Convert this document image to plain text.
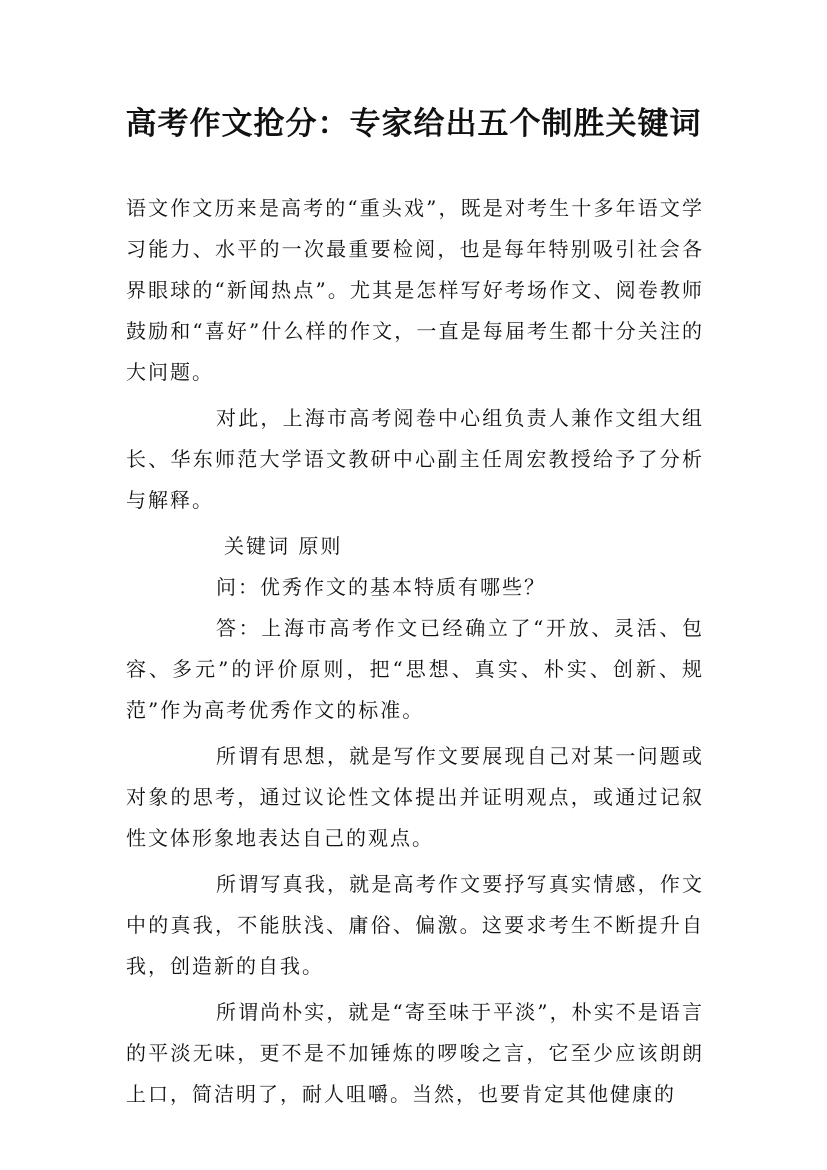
高考作文抢分：专家给出五个制胜关键词

语文作文历来是高考的“重头戏”，既是对考生十多年语文学习能力、水平的一次最重要检阅，也是每年特别吸引社会各界眼球的“新闻热点”。尤其是怎样写好考场作文、阅卷教师鼓励和“喜好”什么样的作文，一直是每届考生都十分关注的大问题。

对此，上海市高考阅卷中心组负责人兼作文组大组长、华东师范大学语文教研中心副主任周宏教授给予了分析与解释。

关键词 原则

问：优秀作文的基本特质有哪些？

答：上海市高考作文已经确立了“开放、灵活、包容、多元”的评价原则，把“思想、真实、朴实、创新、规范”作为高考优秀作文的标准。

所谓有思想，就是写作文要展现自己对某一问题或对象的思考，通过议论性文体提出并证明观点，或通过记叙性文体形象地表达自己的观点。

所谓写真我，就是高考作文要抒写真实情感，作文中的真我，不能肤浅、庸俗、偏激。这要求考生不断提升自我，创造新的自我。

所谓尚朴实，就是“寄至味于平淡”，朴实不是语言的平淡无味，更不是不加锤炼的啰唆之言，它至少应该朗朗上口，简洁明了，耐人咀嚼。当然，也要肯定其他健康的
